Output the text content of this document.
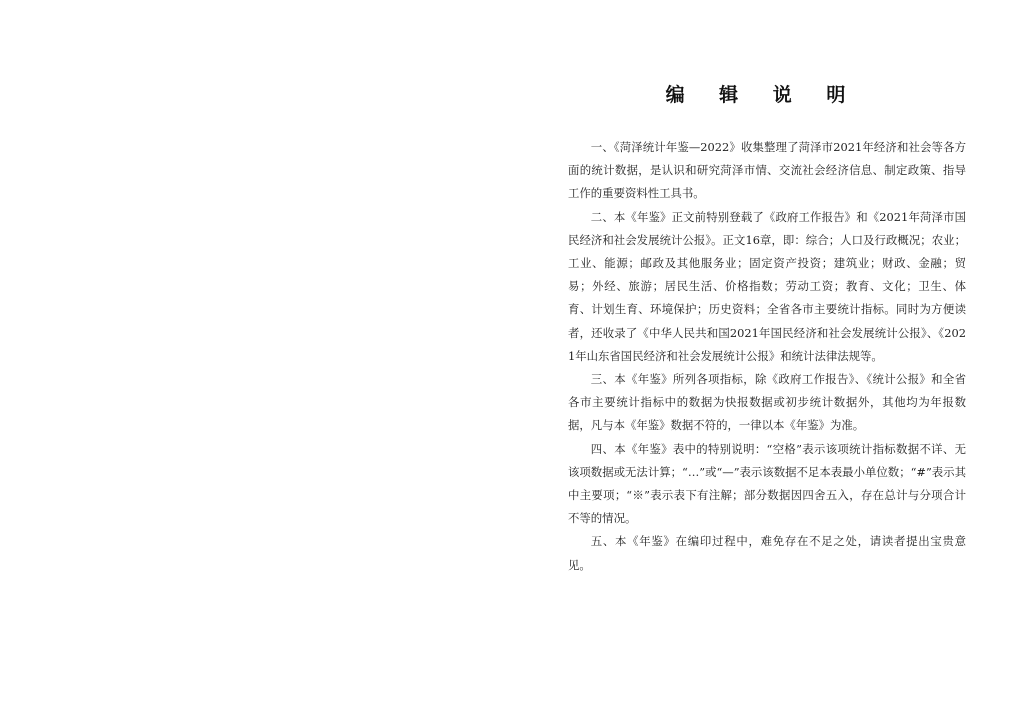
编 辑 说 明

一、《菏泽统计年鉴—2022》收集整理了菏泽市2021年经济和社会等各方面的统计数据，是认识和研究菏泽市情、交流社会经济信息、制定政策、指导工作的重要资料性工具书。

二、本《年鉴》正文前特别登载了《政府工作报告》和《2021年菏泽市国民经济和社会发展统计公报》。正文16章，即：综合；人口及行政概况；农业；工业、能源；邮政及其他服务业；固定资产投资；建筑业；财政、金融；贸易；外经、旅游；居民生活、价格指数；劳动工资；教育、文化；卫生、体育、计划生育、环境保护；历史资料；全省各市主要统计指标。同时为方便读者，还收录了《中华人民共和国2021年国民经济和社会发展统计公报》、《2021年山东省国民经济和社会发展统计公报》和统计法律法规等。

三、本《年鉴》所列各项指标，除《政府工作报告》、《统计公报》和全省各市主要统计指标中的数据为快报数据或初步统计数据外，其他均为年报数据，凡与本《年鉴》数据不符的，一律以本《年鉴》为准。

四、本《年鉴》表中的特别说明：“空格”表示该项统计指标数据不详、无该项数据或无法计算；“…”或“—”表示该数据不足本表最小单位数；“#”表示其中主要项；“※”表示表下有注解；部分数据因四舍五入，存在总计与分项合计不等的情况。

五、本《年鉴》在编印过程中，难免存在不足之处，请读者提出宝贵意见。
